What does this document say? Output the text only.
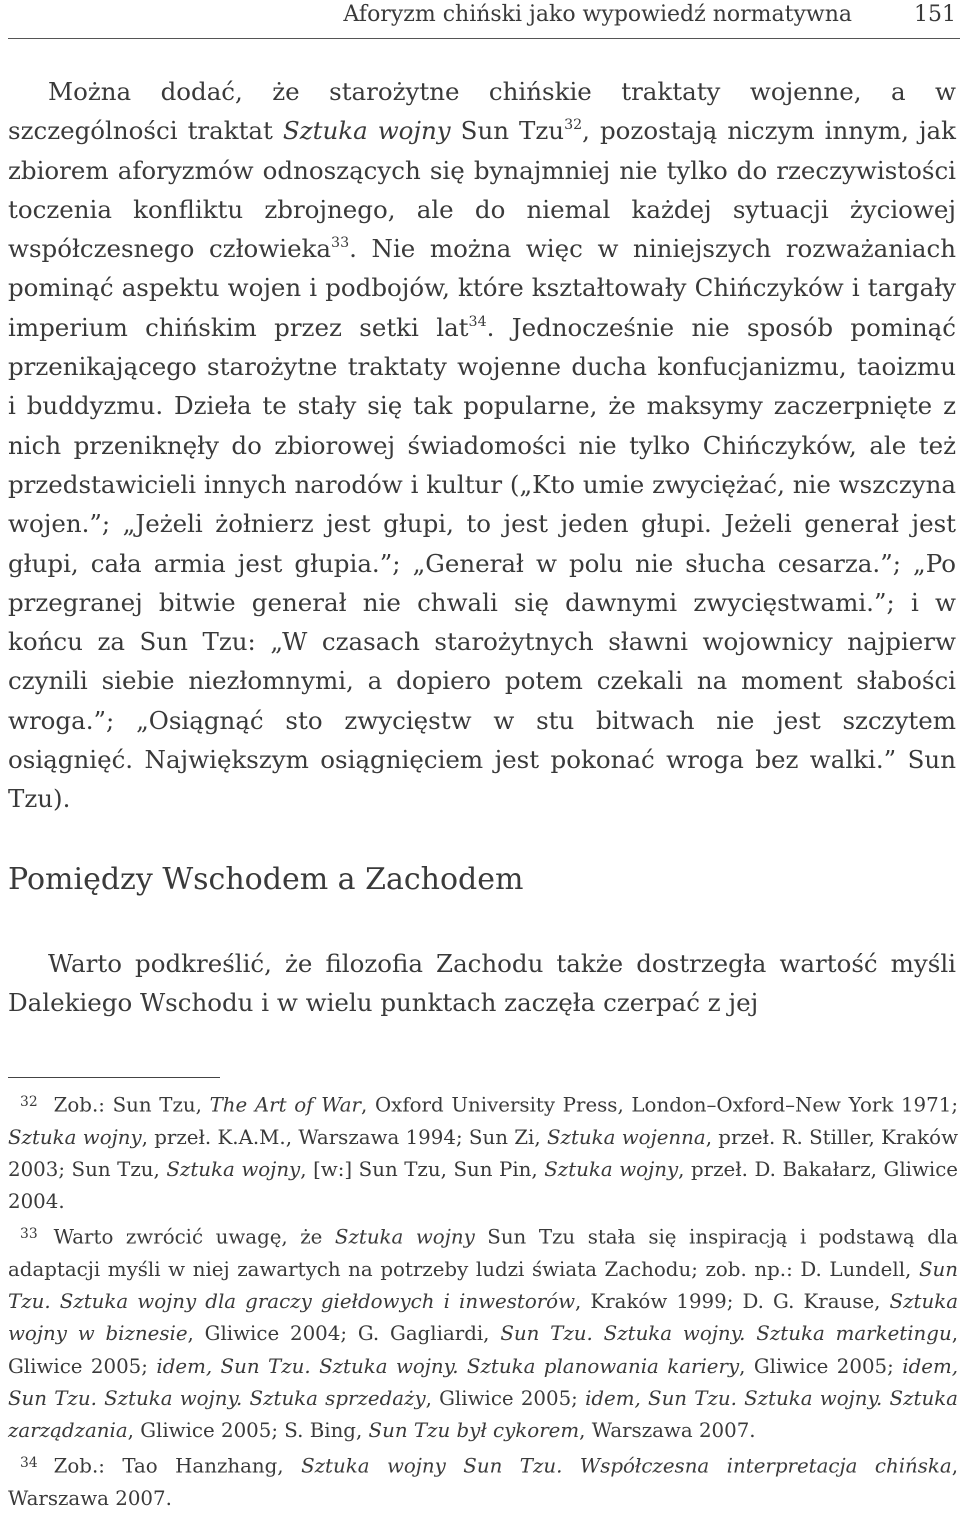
Aforyzm chiński jako wypowiedź normatywna	151
Można dodać, że starożytne chińskie traktaty wojenne, a w szczególności traktat Sztuka wojny Sun Tzu$^{32}$, pozostają niczym innym, jak zbiorem aforyzmów odnoszących się bynajmniej nie tylko do rzeczywistości toczenia konfliktu zbrojnego, ale do niemal każdej sytuacji życiowej współczesnego człowieka$^{33}$. Nie można więc w niniejszych rozważaniach pominąć aspektu wojen i podbojów, które kształtowały Chińczyków i targały imperium chińskim przez setki lat$^{34}$. Jednocześnie nie sposób pominąć przenikającego starożytne traktaty wojenne ducha konfucjanizmu, taoizmu i buddyzmu. Dzieła te stały się tak popularne, że maksymy zaczerpnięte z nich przeniknęły do zbiorowej świadomości nie tylko Chińczyków, ale też przedstawicieli innych narodów i kultur („Kto umie zwyciężać, nie wszczyna wojen.”; „Jeżeli żołnierz jest głupi, to jest jeden głupi. Jeżeli generał jest głupi, cała armia jest głupia.”; „Generał w polu nie słucha cesarza.”; „Po przegranej bitwie generał nie chwali się dawnymi zwycięstwami.”; i w końcu za Sun Tzu: „W czasach starożytnych sławni wojownicy najpierw czynili siebie niezłomnymi, a dopiero potem czekali na moment słabości wroga.”; „Osiągnąć sto zwycięstw w stu bitwach nie jest szczytem osiągnięć. Największym osiągnięciem jest pokonać wroga bez walki.” Sun Tzu).
Pomiędzy Wschodem a Zachodem
Warto podkreślić, że filozofia Zachodu także dostrzegła wartość myśli Dalekiego Wschodu i w wielu punktach zaczęła czerpać z jej

$^{32}$ Zob.: Sun Tzu, The Art of War, Oxford University Press, London–Oxford–New York 1971; Sztuka wojny, przeł. K.A.M., Warszawa 1994; Sun Zi, Sztuka wojenna, przeł. R. Stiller, Kraków 2003; Sun Tzu, Sztuka wojny, [w:] Sun Tzu, Sun Pin, Sztuka wojny, przeł. D. Bakałarz, Gliwice 2004.

$^{33}$ Warto zwrócić uwagę, że Sztuka wojny Sun Tzu stała się inspiracją i podstawą dla adaptacji myśli w niej zawartych na potrzeby ludzi świata Zachodu; zob. np.: D. Lundell, Sun Tzu. Sztuka wojny dla graczy giełdowych i inwestorów, Kraków 1999; D. G. Krause, Sztuka wojny w biznesie, Gliwice 2004; G. Gagliardi, Sun Tzu. Sztuka wojny. Sztuka marketingu, Gliwice 2005; idem, Sun Tzu. Sztuka wojny. Sztuka planowania kariery, Gliwice 2005; idem, Sun Tzu. Sztuka wojny. Sztuka sprzedaży, Gliwice 2005; idem, Sun Tzu. Sztuka wojny. Sztuka zarządzania, Gliwice 2005; S. Bing, Sun Tzu był cykorem, Warszawa 2007.

$^{34}$ Zob.: Tao Hanzhang, Sztuka wojny Sun Tzu. Współczesna interpretacja chińska, Warszawa 2007.
